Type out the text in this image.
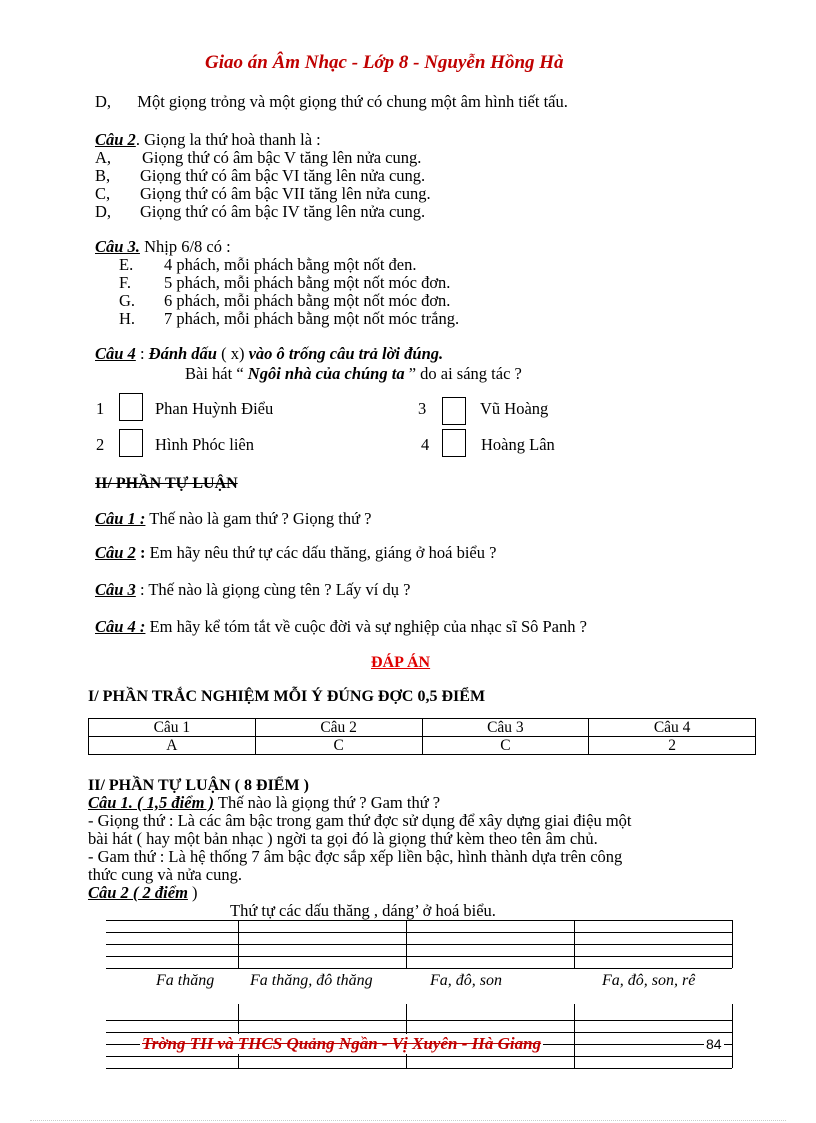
Giao án Âm Nhạc - Lớp 8 - Nguyễn Hồng Hà
D, Một giọng trỏng và một giọng thứ có chung một âm hình tiết tấu.
Câu 2. Giọng la thứ hoà thanh là :
A, Giọng thứ có âm bậc V tăng lên nửa cung.
B, Giọng thứ có âm bậc VI tăng lên nửa cung.
C, Giọng thứ có âm bậc VII tăng lên nửa cung.
D, Giọng thứ có âm bậc IV tăng lên nửa cung.
Câu 3. Nhịp 6/8 có :
E. 4 phách, mỗi phách bằng một nốt đen.
F. 5 phách, mỗi phách bằng một nốt móc đơn.
G. 6 phách, mỗi phách bằng một nốt móc đơn.
H. 7 phách, mỗi phách bằng một nốt móc trắng.
Câu 4 : Đánh dấu ( x) vào ô trống câu trả lời đúng.
Bài hát “ Ngôi nhà của chúng ta ” do ai sáng tác ?
1	Phan Huỳnh Điểu	3	Vũ Hoàng
2	Hình Phóc liên	4	Hoàng Lân
II/ PHẦN TỰ LUẬN
Câu 1 : Thế nào là gam thứ ? Giọng thứ ?
Câu 2 : Em hãy nêu thứ tự các dấu thăng, giáng ở hoá biểu ?
Câu 3 : Thế nào là giọng cùng tên ? Lấy ví dụ ?
Câu 4 : Em hãy kể tóm tắt về cuộc đời và sự nghiệp của nhạc sĩ Sô Panh ?
ĐÁP ÁN
I/ PHẦN TRẮC NGHIỆM MỖI Ý ĐÚNG ĐỢC 0,5 ĐIỂM
Câu 1	Câu 2	Câu 3	Câu 4
A	C	C	2
II/ PHẦN TỰ LUẬN ( 8 ĐIỂM )
Câu 1. ( 1,5 điểm ) Thế nào là giọng thứ ? Gam thứ ?
- Giọng thứ : Là các âm bậc trong gam thứ đợc sử dụng để xây dựng giai điệu một
bài hát ( hay một bản nhạc ) ngời ta gọi đó là giọng thứ kèm theo tên âm chủ.
- Gam thứ : Là hệ thống 7 âm bậc đợc sắp xếp liền bậc, hình thành dựa trên công
thức cung và nửa cung.
Câu 2 ( 2 điểm )
Thứ tự các dấu thăng , dáng’ ở hoá biểu.
Fa thăng Fa thăng, đô thăng	Fa, đô, son	Fa, đô, son, rê
Trờng TH và THCS Quảng Ngần - Vị Xuyên - Hà Giang	84
